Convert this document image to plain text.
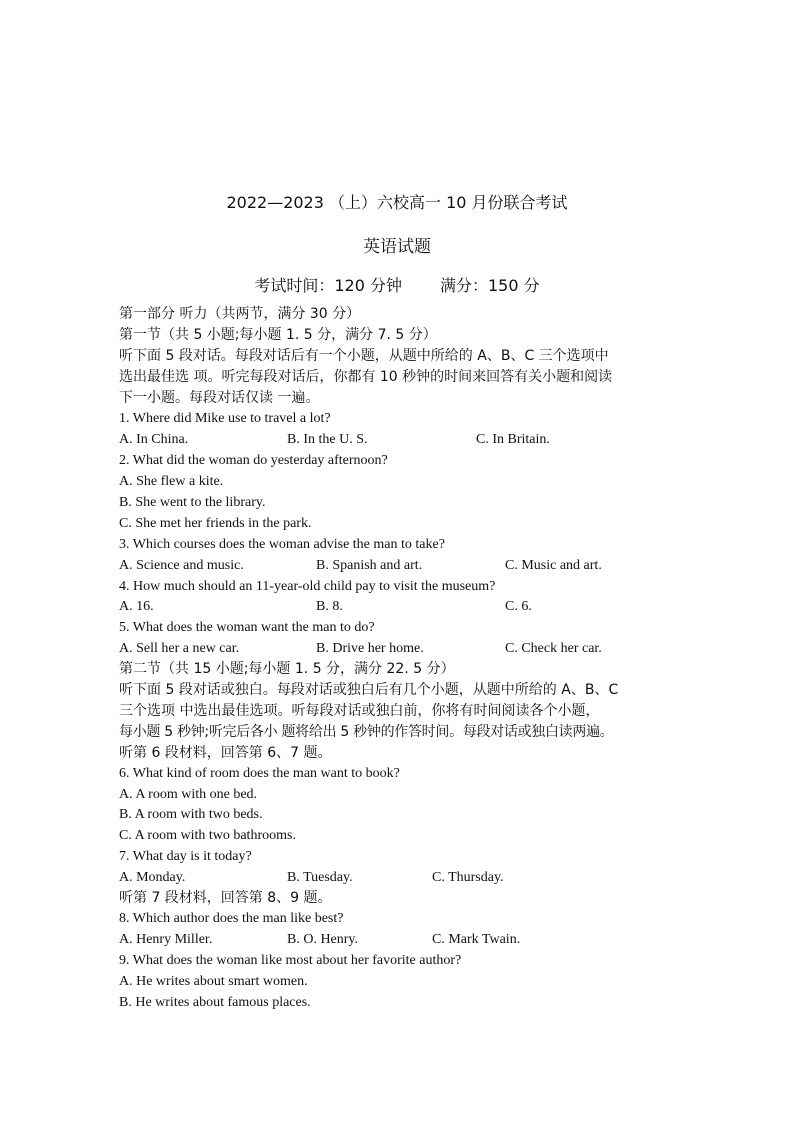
2022—2023 （上）六校高一 10 月份联合考试
英语试题
考试时间：120 分钟 满分：150 分
第一部分 听力（共两节，满分 30 分）
第一节（共 5 小题;每小题 1. 5 分，满分 7. 5 分）
听下面 5 段对话。每段对话后有一个小题，从题中所给的 A、B、C 三个选项中
选出最佳选 项。听完每段对话后，你都有 10 秒钟的时间来回答有关小题和阅读
下一小题。每段对话仅读 一遍。
1. Where did Mike use to travel a lot?
A. In China.	B. In the U. S.	C. In Britain.
2. What did the woman do yesterday afternoon?
A. She flew a kite.
B. She went to the library.
C. She met her friends in the park.
3. Which courses does the woman advise the man to take?
A. Science and music.	B. Spanish and art.	C. Music and art.
4. How much should an 11-year-old child pay to visit the museum?
A. 16.	B. 8.	C. 6.
5. What does the woman want the man to do?
A. Sell her a new car.	B. Drive her home.	C. Check her car.
第二节（共 15 小题;每小题 1. 5 分，满分 22. 5 分）
听下面 5 段对话或独白。每段对话或独白后有几个小题，从题中所给的 A、B、C
三个选项 中选出最佳选项。听每段对话或独白前，你将有时间阅读各个小题，
每小题 5 秒钟;听完后各小 题将给出 5 秒钟的作答时间。每段对话或独白读两遍。
听第 6 段材料，回答第 6、7 题。
6. What kind of room does the man want to book?
A. A room with one bed.
B. A room with two beds.
C. A room with two bathrooms.
7. What day is it today?
A. Monday.	B. Tuesday.	C. Thursday.
听第 7 段材料，回答第 8、9 题。
8. Which author does the man like best?
A. Henry Miller.	B. O. Henry.	C. Mark Twain.
9. What does the woman like most about her favorite author?
A. He writes about smart women.
B. He writes about famous places.
